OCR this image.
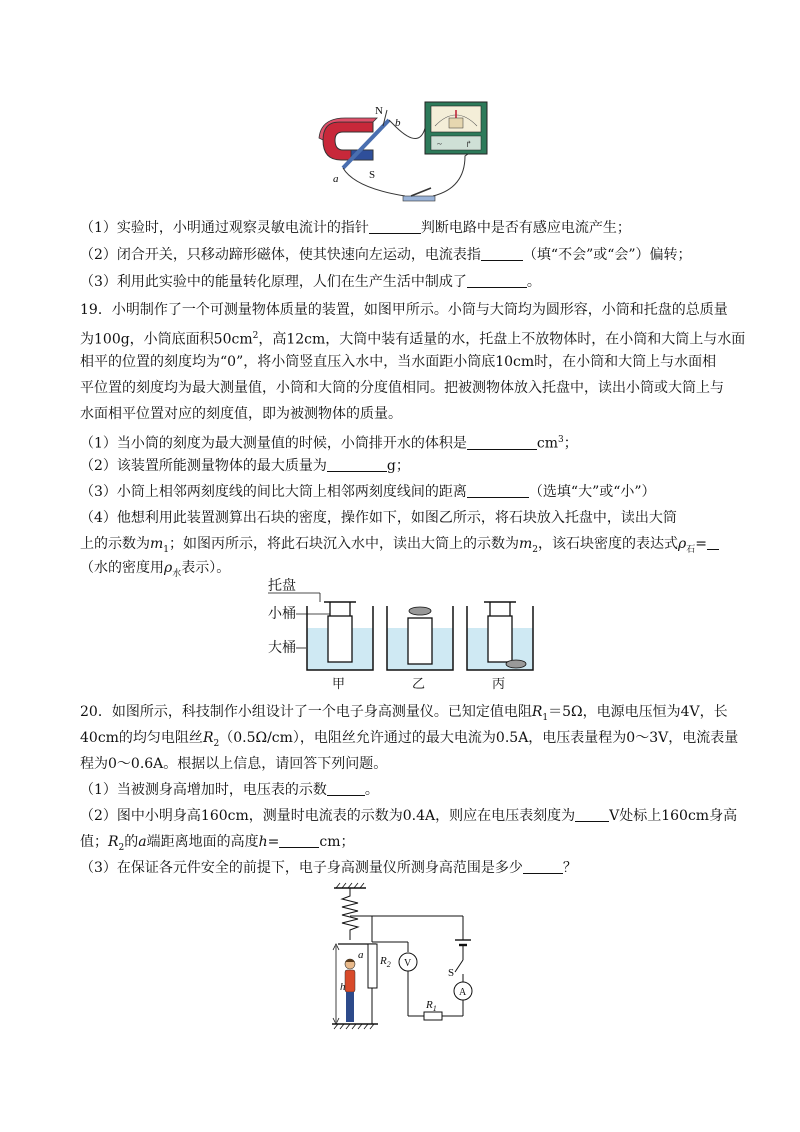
~	↱
N
S
a
b
（1）实验时，小明通过观察灵敏电流计的指针	判断电路中是否有感应电流产生；
（2）闭合开关，只移动蹄形磁体，使其快速向左运动，电流表指	（填“不会”或“会”）偏转；
（3）利用此实验中的能量转化原理，人们在生产生活中制成了	。
19．小明制作了一个可测量物体质量的装置，如图甲所示。小筒与大筒均为圆形容，小筒和托盘的总质量
为100g，小筒底面积$50cm^2$，高12cm，大筒中装有适量的水，托盘上不放物体时，在小筒和大筒上与水面
相平的位置的刻度均为“0”，将小筒竖直压入水中，当水面距小筒底10cm时，在小筒和大筒上与水面相
平位置的刻度均为最大测量值，小筒和大筒的分度值相同。把被测物体放入托盘中，读出小筒或大筒上与
水面相平位置对应的刻度值，即为被测物体的质量。
（1）当小筒的刻度为最大测量值的时候，小筒排开水的体积是	$cm^3$；
（2）该装置所能测量物体的最大质量为	g；
（3）小筒上相邻两刻度线的间比大筒上相邻两刻度线间的距离	（选填“大”或“小”）
（4）他想利用此装置测算出石块的密度，操作如下，如图乙所示，将石块放入托盘中，读出大筒
上的示数为$m_1$；如图丙所示，将此石块沉入水中，读出大筒上的示数为$m_2$，该石块密度的表达式$\rho_石=$
（水的密度用$\rho_水$表示）。
托盘
小桶
大桶
甲	乙	丙
20．如图所示，科技制作小组设计了一个电子身高测量仪。已知定值电阻$R_1=5\Omega$，电源电压恒为4V，长
40cm的均匀电阻丝$R_2(0.5\Omega/cm)$，电阻丝允许通过的最大电流为0.5A，电压表量程为0～3V，电流表量
程为0～0.6A。根据以上信息，请回答下列问题。
（1）当被测身高增加时，电压表的示数	。
（2）图中小明身高160cm，测量时电流表的示数为0.4A，则应在电压表刻度为 V处标上160cm身高
值；$R_2$的a端距离地面的高度h=	cm；
（3）在保证各元件安全的前提下，电子身高测量仪所测身高范围是多少	？
a $R_2$ V
S
A
$R_1$
h
